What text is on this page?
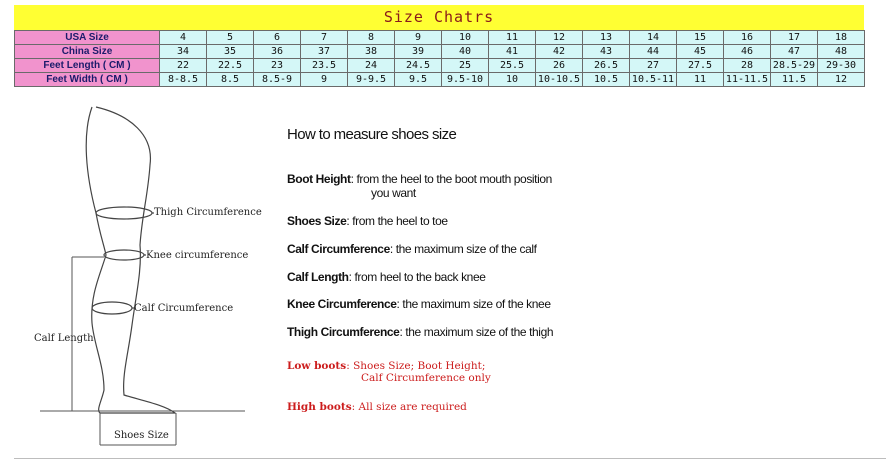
Size Chatrs
USA Size	4	5	6	7	8	9	10	11	12	13	14	15	16	17	18
China Size	34	35	36	37	38	39	40	41	42	43	44	45	46	47	48
Feet Length ( CM )	22	22.5	23	23.5	24	24.5	25	25.5	26	26.5	27	27.5	28	28.5-29	29-30
Feet Width ( CM )	8-8.5	8.5	8.5-9	9	9-9.5	9.5	9.5-10	10	10-10.5	10.5	10.5-11	11	11-11.5	11.5	12
Thigh Circumference
Knee circumference
Calf Circumference
Calf Length
Shoes Size
How to measure shoes size
Boot Height: from the heel to the boot mouth position
you want
Shoes Size: from the heel to toe
Calf Circumference: the maximum size of the calf
Calf Length: from heel to the back knee
Knee Circumference: the maximum size of the knee
Thigh Circumference: the maximum size of the thigh
Low boots: Shoes Size; Boot Height;
Calf Circumference only
High boots: All size are required
